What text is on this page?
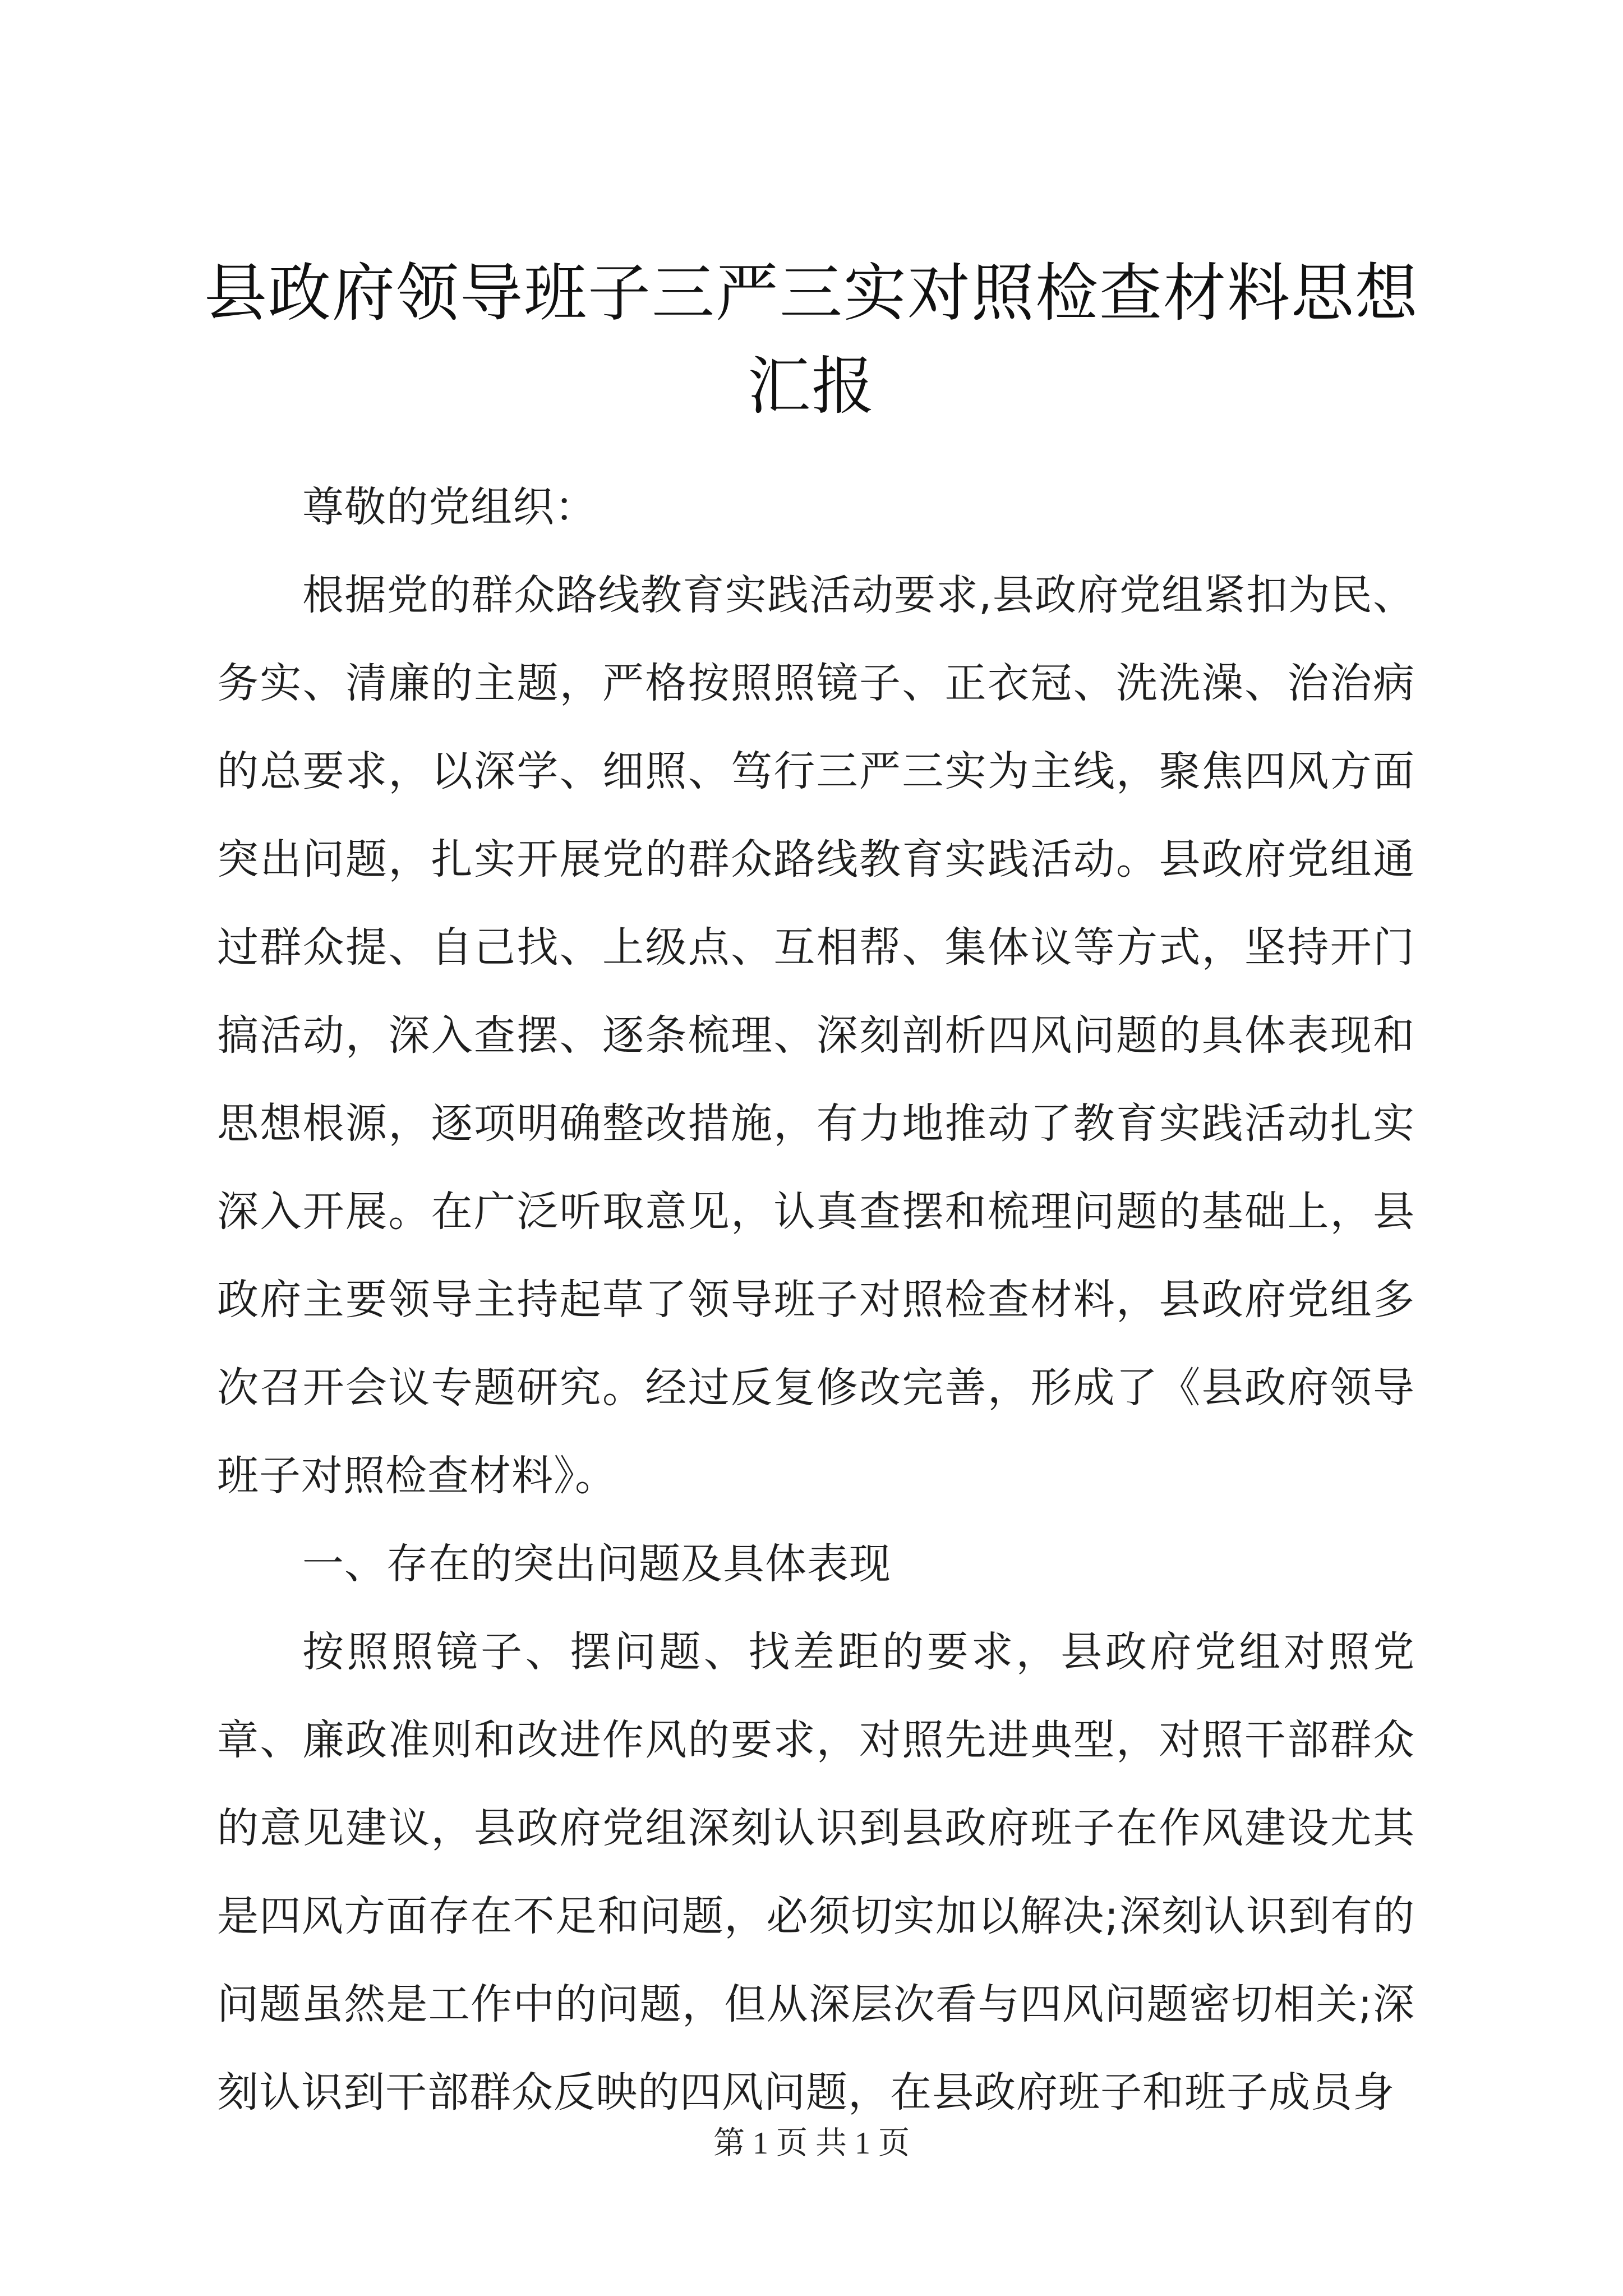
县政府领导班子三严三实对照检查材料思想汇报

尊敬的党组织：

根据党的群众路线教育实践活动要求,县政府党组紧扣为民、务实、清廉的主题，严格按照照镜子、正衣冠、洗洗澡、治治病的总要求，以深学、细照、笃行三严三实为主线，聚焦四风方面突出问题，扎实开展党的群众路线教育实践活动。县政府党组通过群众提、自己找、上级点、互相帮、集体议等方式，坚持开门搞活动，深入查摆、逐条梳理、深刻剖析四风问题的具体表现和思想根源，逐项明确整改措施，有力地推动了教育实践活动扎实深入开展。在广泛听取意见，认真查摆和梳理问题的基础上，县政府主要领导主持起草了领导班子对照检查材料，县政府党组多次召开会议专题研究。经过反复修改完善，形成了《县政府领导班子对照检查材料》。

一、存在的突出问题及具体表现

按照照镜子、摆问题、找差距的要求，县政府党组对照党章、廉政准则和改进作风的要求，对照先进典型，对照干部群众的意见建议，县政府党组深刻认识到县政府班子在作风建设尤其是四风方面存在不足和问题，必须切实加以解决;深刻认识到有的问题虽然是工作中的问题，但从深层次看与四风问题密切相关;深刻认识到干部群众反映的四风问题，在县政府班子和班子成员身

第 1 页 共 1 页
